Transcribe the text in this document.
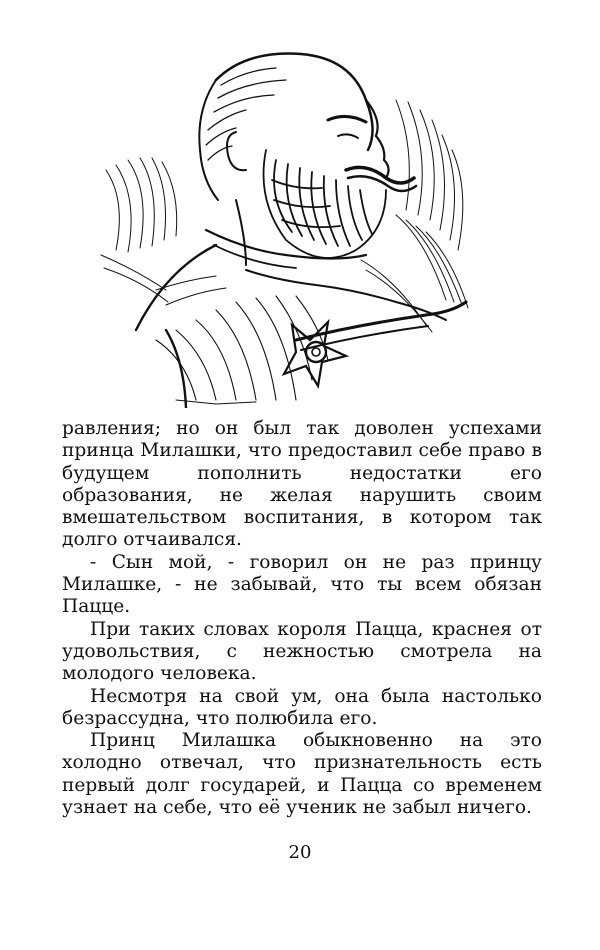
равления; но он был так доволен успехами принца Милашки, что предоставил себе право в будущем пополнить недостатки его образования, не желая нарушить своим вмешательством воспитания, в котором так долго отчаивался.

- Сын мой, - говорил он не раз принцу Милашке, - не забывай, что ты всем обязан Пацце.

При таких словах короля Пацца, краснея от удовольствия, с нежностью смотрела на молодого человека.

Несмотря на свой ум, она была настолько безрассудна, что полюбила его.

Принц Милашка обыкновенно на это холодно отвечал, что признательность есть первый долг государей, и Пацца со временем узнает на себе, что её ученик не забыл ничего.

20
